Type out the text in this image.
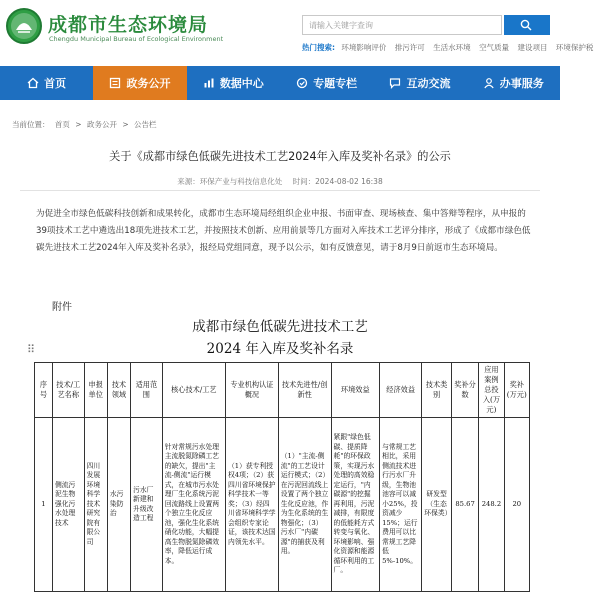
成都市生态环境局
Chengdu Municipal Bureau of Ecological Environment
请输入关键字查询
热门搜索: 环境影响评价 排污许可 生活水环境 空气质量 建设项目 环境保护税
首页	政务公开	数据中心	专题专栏	互动交流	办事服务
当前位置： 首页 > 政务公开 > 公告栏
关于《成都市绿色低碳先进技术工艺2024年入库及奖补名录》的公示
来源：环保产业与科技信息化处 时间：2024-08-02 16:38
为促进全市绿色低碳科技创新和成果转化，成都市生态环境局经组织企业申报、书面审查、现场核查、集中答辩等程序，从申报的39项技术工艺中遴选出18项先进技术工艺，并按照技术创新、应用前景等几方面对入库技术工艺评分排序，形成了《成都市绿色低碳先进技术工艺2024年入库及奖补名录》，报经局党组同意，现予以公示，如有反馈意见，请于8月9日前返市生态环境局。
附件
成都市绿色低碳先进技术工艺
2024 年入库及奖补名录
⠿
序号	技术/工艺名称	申报单位	技术领域	适用范围	核心技术/工艺	专业机构认证概况	技术先进性/创新性	环境效益	经济效益	技术类别	奖补分数	应用案例总投入(万元)	奖补(万元)
1	侧流污泥生物强化污水处理技术	四川发展环境科学技术研究院有限公司	水污染防治	污水厂新建和升级改造工程	针对常规污水处理主流脱氮除磷工艺的缺欠，提出"主流-侧流"运行模式，在城市污水处理厂生化系统污泥回流路线上设置两个独立生化反应池，强化生化系统硝化功能，大幅提高生物脱氮除磷效率，降低运行成本。	（1）获专利授权4项；（2）获四川省环境保护科学技术一等奖；（3）经四川省环境科学学会组织专家论证，该技术达国内领先水平。	（1）"主流-侧流"的工艺设计运行模式；（2）在污泥回流线上设置了两个独立生化反应池，作为生化系统的生物强化；（3）污水厂"内碳源"的捕获及利用。	紧跟"绿色低碳、提质降耗"的环保政策，实现污水处理的高效稳定运行，"内碳源"的挖掘再利用，污泥减排，有限度的低能耗方式转变与氧化、环境影响、强化资源和能源循环利用的工厂。	与常规工艺相比，采用侧流技术进行污水厂升级，生物池池容可以减小25%，投资减少15%；运行费用可以比常规工艺降低5%-10%。	研发型（生态环保类）	85.67	248.2	20
